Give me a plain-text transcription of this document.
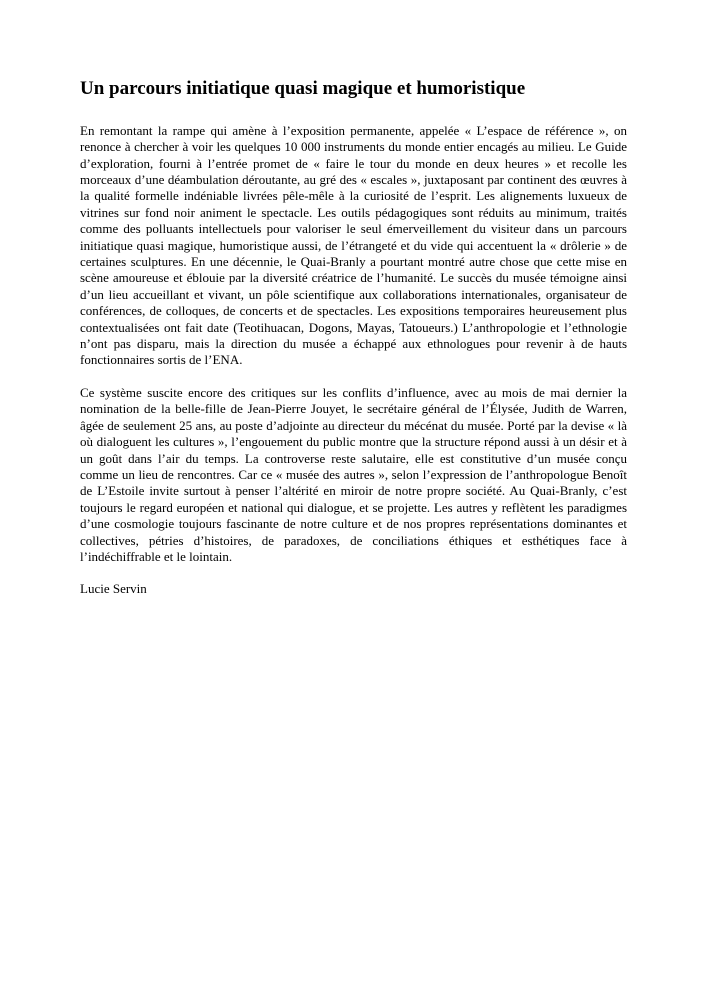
Un parcours initiatique quasi magique et humoristique

En remontant la rampe qui amène à l’exposition permanente, appelée « L’espace de référence », on renonce à chercher à voir les quelques 10 000 instruments du monde entier encagés au milieu. Le Guide d’exploration, fourni à l’entrée promet de « faire le tour du monde en deux heures » et recolle les morceaux d’une déambulation déroutante, au gré des « escales », juxtaposant par continent des œuvres à la qualité formelle indéniable livrées pêle-mêle à la curiosité de l’esprit. Les alignements luxueux de vitrines sur fond noir animent le spectacle. Les outils pédagogiques sont réduits au minimum, traités comme des polluants intellectuels pour valoriser le seul émerveillement du visiteur dans un parcours initiatique quasi magique, humoristique aussi, de l’étrangeté et du vide qui accentuent la « drôlerie » de certaines sculptures. En une décennie, le Quai-Branly a pourtant montré autre chose que cette mise en scène amoureuse et éblouie par la diversité créatrice de l’humanité. Le succès du musée témoigne ainsi d’un lieu accueillant et vivant, un pôle scientifique aux collaborations internationales, organisateur de conférences, de colloques, de concerts et de spectacles. Les expositions temporaires heureusement plus contextualisées ont fait date (Teotihuacan, Dogons, Mayas, Tatoueurs.) L’anthropologie et l’ethnologie n’ont pas disparu, mais la direction du musée a échappé aux ethnologues pour revenir à de hauts fonctionnaires sortis de l’ENA.

Ce système suscite encore des critiques sur les conflits d’influence, avec au mois de mai dernier la nomination de la belle-fille de Jean-Pierre Jouyet, le secrétaire général de l’Élysée, Judith de Warren, âgée de seulement 25 ans, au poste d’adjointe au directeur du mécénat du musée. Porté par la devise « là où dialoguent les cultures », l’engouement du public montre que la structure répond aussi à un désir et à un goût dans l’air du temps. La controverse reste salutaire, elle est constitutive d’un musée conçu comme un lieu de rencontres. Car ce « musée des autres », selon l’expression de l’anthropologue Benoît de L’Estoile invite surtout à penser l’altérité en miroir de notre propre société. Au Quai-Branly, c’est toujours le regard européen et national qui dialogue, et se projette. Les autres y reflètent les paradigmes d’une cosmologie toujours fascinante de notre culture et de nos propres représentations dominantes et collectives, pétries d’histoires, de paradoxes, de conciliations éthiques et esthétiques face à l’indéchiffrable et le lointain.

Lucie Servin
